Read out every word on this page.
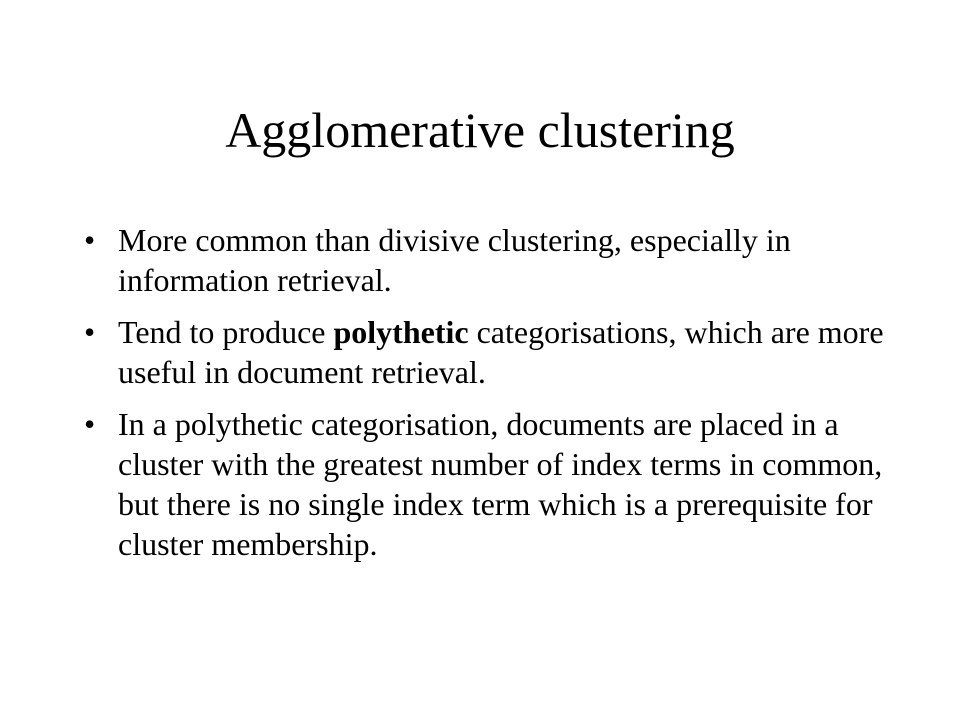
Agglomerative clustering
• More common than divisive clustering, especially in information retrieval.
• Tend to produce polythetic categorisations, which are more useful in document retrieval.
• In a polythetic categorisation, documents are placed in a cluster with the greatest number of index terms in common, but there is no single index term which is a prerequisite for cluster membership.
